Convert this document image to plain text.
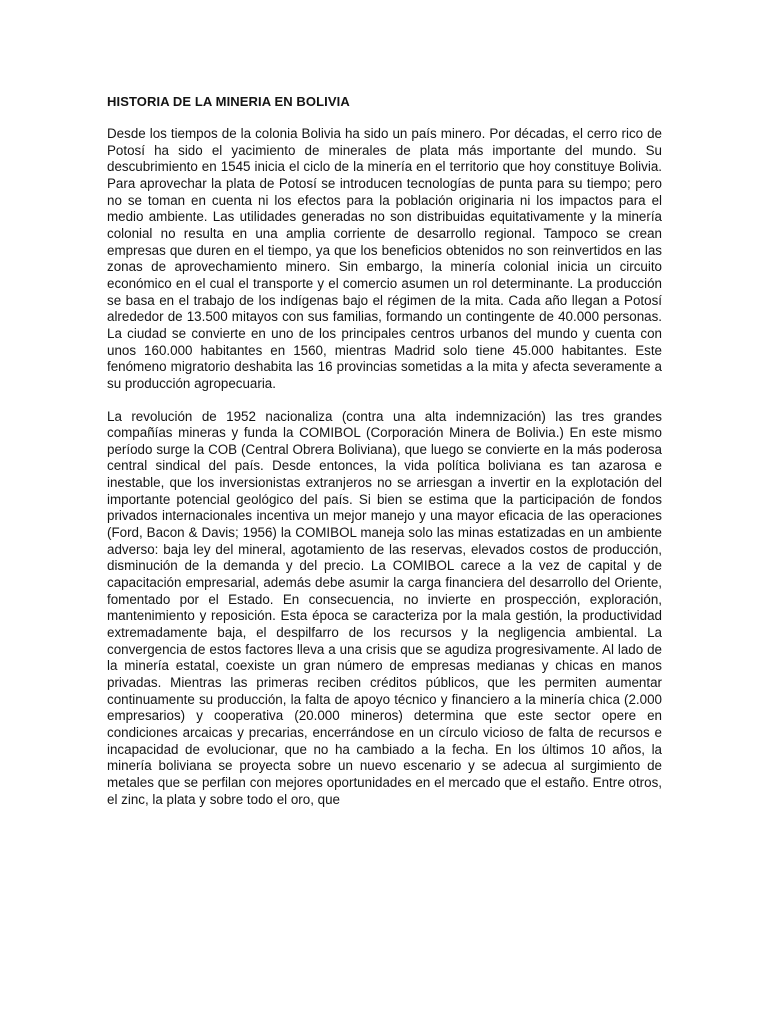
HISTORIA DE LA MINERIA EN BOLIVIA

Desde los tiempos de la colonia Bolivia ha sido un país minero. Por décadas, el cerro rico de Potosí ha sido el yacimiento de minerales de plata más importante del mundo. Su descubrimiento en 1545 inicia el ciclo de la minería en el territorio que hoy constituye Bolivia. Para aprovechar la plata de Potosí se introducen tecnologías de punta para su tiempo; pero no se toman en cuenta ni los efectos para la población originaria ni los impactos para el medio ambiente. Las utilidades generadas no son distribuidas equitativamente y la minería colonial no resulta en una amplia corriente de desarrollo regional. Tampoco se crean empresas que duren en el tiempo, ya que los beneficios obtenidos no son reinvertidos en las zonas de aprovechamiento minero. Sin embargo, la minería colonial inicia un circuito económico en el cual el transporte y el comercio asumen un rol determinante. La producción se basa en el trabajo de los indígenas bajo el régimen de la mita. Cada año llegan a Potosí alrededor de 13.500 mitayos con sus familias, formando un contingente de 40.000 personas. La ciudad se convierte en uno de los principales centros urbanos del mundo y cuenta con unos 160.000 habitantes en 1560, mientras Madrid solo tiene 45.000 habitantes. Este fenómeno migratorio deshabita las 16 provincias sometidas a la mita y afecta severamente a su producción agropecuaria.

La revolución de 1952 nacionaliza (contra una alta indemnización) las tres grandes compañías mineras y funda la COMIBOL (Corporación Minera de Bolivia.) En este mismo período surge la COB (Central Obrera Boliviana), que luego se convierte en la más poderosa central sindical del país. Desde entonces, la vida política boliviana es tan azarosa e inestable, que los inversionistas extranjeros no se arriesgan a invertir en la explotación del importante potencial geológico del país. Si bien se estima que la participación de fondos privados internacionales incentiva un mejor manejo y una mayor eficacia de las operaciones (Ford, Bacon & Davis; 1956) la COMIBOL maneja solo las minas estatizadas en un ambiente adverso: baja ley del mineral, agotamiento de las reservas, elevados costos de producción, disminución de la demanda y del precio. La COMIBOL carece a la vez de capital y de capacitación empresarial, además debe asumir la carga financiera del desarrollo del Oriente, fomentado por el Estado. En consecuencia, no invierte en prospección, exploración, mantenimiento y reposición. Esta época se caracteriza por la mala gestión, la productividad extremadamente baja, el despilfarro de los recursos y la negligencia ambiental. La convergencia de estos factores lleva a una crisis que se agudiza progresivamente. Al lado de la minería estatal, coexiste un gran número de empresas medianas y chicas en manos privadas. Mientras las primeras reciben créditos públicos, que les permiten aumentar continuamente su producción, la falta de apoyo técnico y financiero a la minería chica (2.000 empresarios) y cooperativa (20.000 mineros) determina que este sector opere en condiciones arcaicas y precarias, encerrándose en un círculo vicioso de falta de recursos e incapacidad de evolucionar, que no ha cambiado a la fecha. En los últimos 10 años, la minería boliviana se proyecta sobre un nuevo escenario y se adecua al surgimiento de metales que se perfilan con mejores oportunidades en el mercado que el estaño. Entre otros, el zinc, la plata y sobre todo el oro, que
